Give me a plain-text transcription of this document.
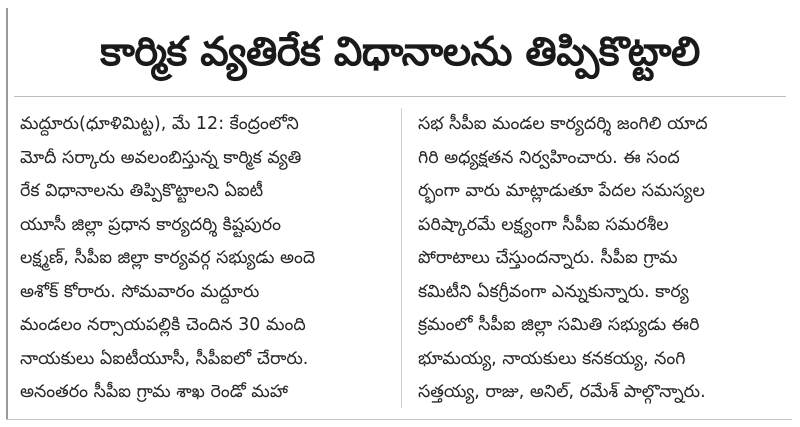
కార్మిక వ్యతిరేక విధానాలను తిప్పికొట్టాలి
మద్దూరు(ధూళిమిట్ట), మే 12: కేంద్రంలోని
మోదీ సర్కారు అవలంబిస్తున్న కార్మిక వ్యతి
రేక విధానాలను తిప్పికొట్టాలని ఏఐటీ
యూసీ జిల్లా ప్రధాన కార్యదర్శి కిష్టపురం
లక్ష్మణ్, సీపీఐ జిల్లా కార్యవర్గ సభ్యుడు అందె
అశోక్ కోరారు. సోమవారం మద్దూరు
మండలం నర్సాయపల్లికి చెందిన 30 మంది
నాయకులు ఏఐటీయూసీ, సీపీఐలో చేరారు.
అనంతరం సీపీఐ గ్రామ శాఖ రెండో మహా
సభ సీపీఐ మండల కార్యదర్శి జంగిలి యాద
గిరి అధ్యక్షతన నిర్వహించారు. ఈ సంద
ర్భంగా వారు మాట్లాడుతూ పేదల సమస్యల
పరిష్కారమే లక్ష్యంగా సీపీఐ సమరశీల
పోరాటాలు చేస్తుందన్నారు. సీపీఐ గ్రామ
కమిటీని ఏకగ్రీవంగా ఎన్నుకున్నారు. కార్య
క్రమంలో సీపీఐ జిల్లా సమితి సభ్యుడు ఈరి
భూమయ్య, నాయకులు కనకయ్య, నంగి
సత్తయ్య, రాజు, అనిల్, రమేశ్ పాల్గొన్నారు.
